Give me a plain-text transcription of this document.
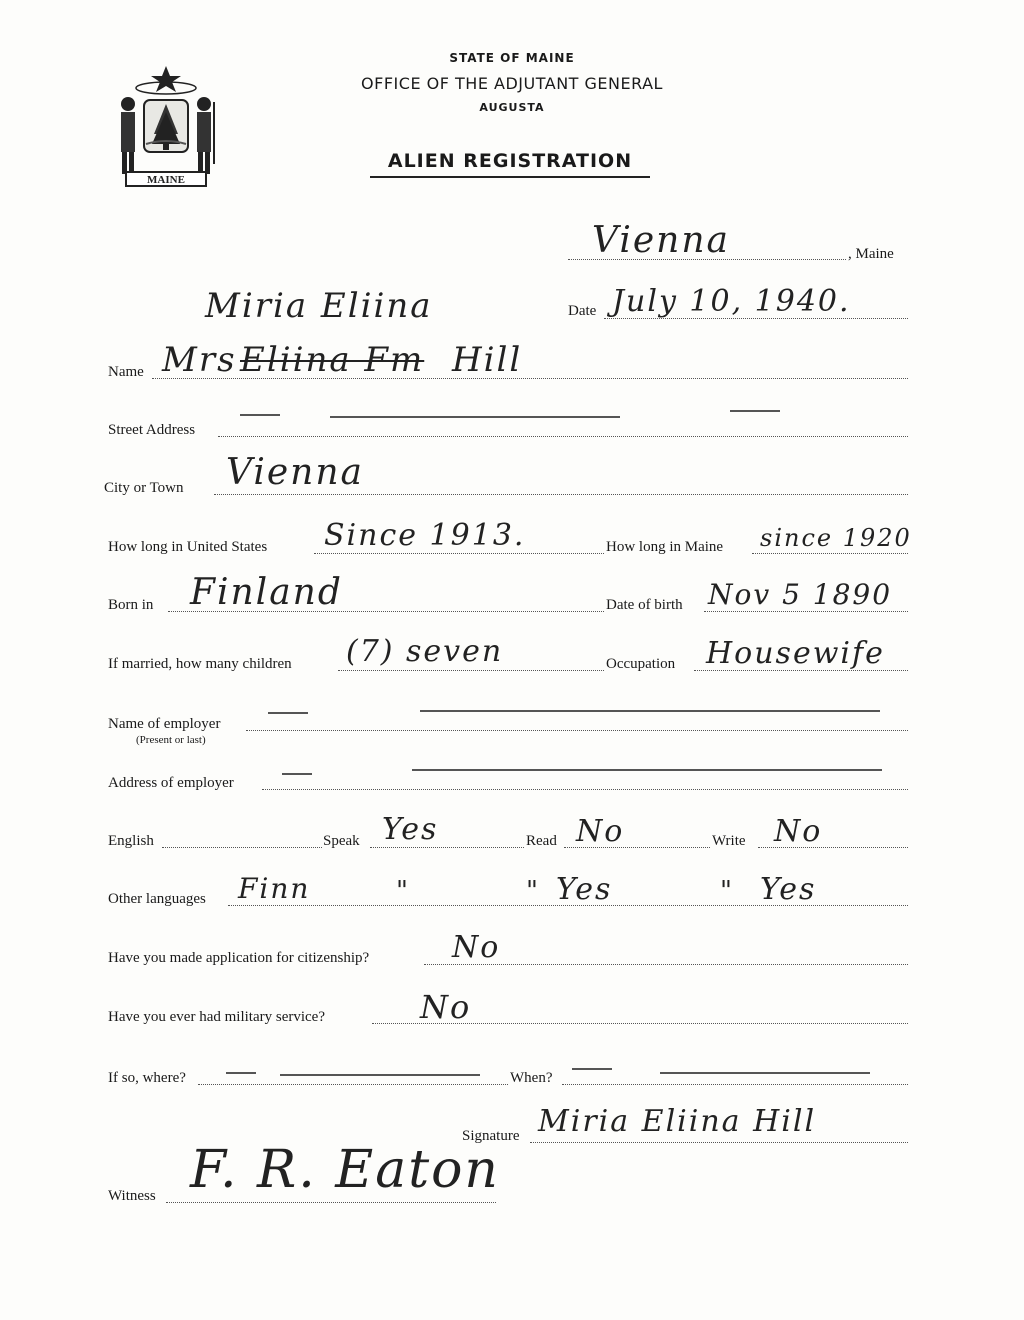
MAINE
STATE OF MAINE
OFFICE OF THE ADJUTANT GENERAL
AUGUSTA
ALIEN REGISTRATION
Vienna	, Maine
Miria Eliina	Date July 10, 1940.
Name Mrs Eliina Fm Hill
Street Address
City or Town Vienna
How long in United States Since 1913.	How long in Maine since 1920
Born in Finland	Date of birth Nov 5 1890
If married, how many children (7) seven	Occupation Housewife
Name of employer
(Present or last)
Address of employer
English	Speak Yes	Read No	Write No
Other languages Finn	"	" Yes	" Yes
Have you made application for citizenship?	No
Have you ever had military service?	No
If so, where?	When?
Signature Miria Eliina Hill
Witness F. R. Eaton
